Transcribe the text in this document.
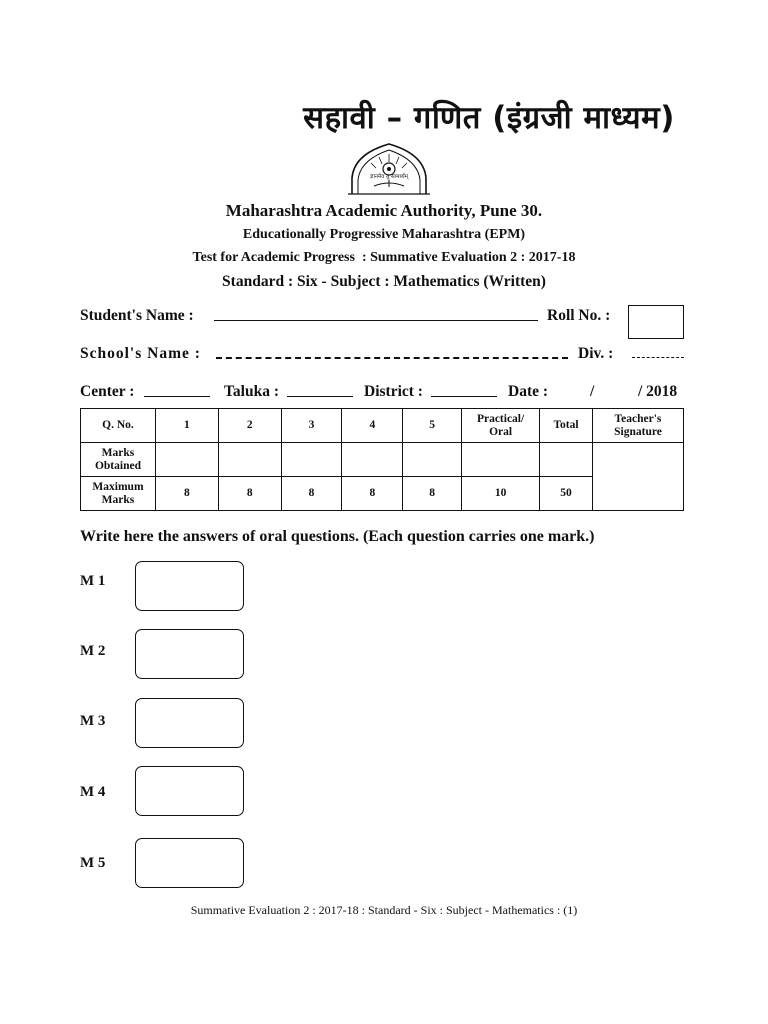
सहावी – गणित (इंग्रजी माध्यम)
ज्ञानमेव तु सामर्थ्यम्
Maharashtra Academic Authority, Pune 30.
Educationally Progressive Maharashtra (EPM)
Test for Academic Progress  : Summative Evaluation 2 : 2017-18
Standard : Six - Subject : Mathematics (Written)
Student's Name :	Roll No. :
School's Name :	Div. :
Center :	Taluka :	District :	Date :	/	/ 2018
Q. No.	1	2	3	4	5	Practical/ Oral	Total	Teacher's Signature
Marks Obtained								
Maximum Marks	8	8	8	8	8	10	50	
Write here the answers of oral questions. (Each question carries one mark.)
M 1
M 2
M 3
M 4
M 5
Summative Evaluation 2 : 2017-18 : Standard - Six : Subject - Mathematics : (1)
